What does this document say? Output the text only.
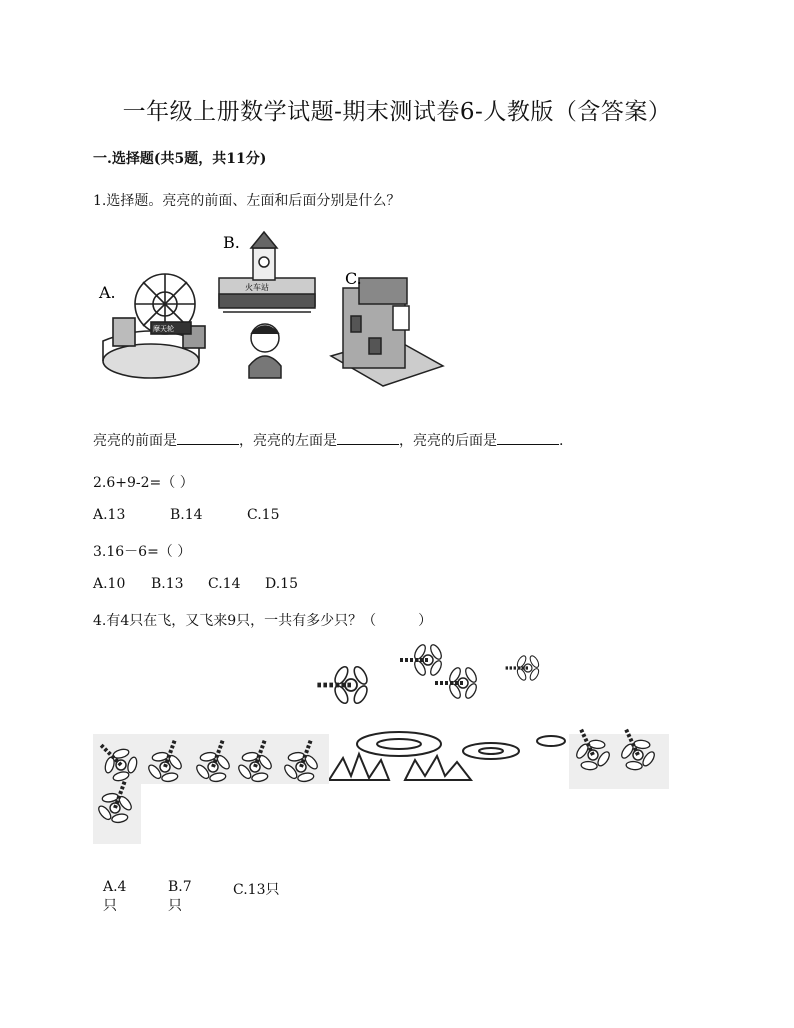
一年级上册数学试题-期末测试卷6-人教版（含答案）
一.选择题(共5题，共11分)
1.选择题。亮亮的前面、左面和后面分别是什么？
摩天轮
火车站
A.
B.
C.
亮亮的前面是	，亮亮的左面是	，亮亮的后面是	.
2.6+9-2=（ ）
A.13	B.14	C.15
3.16－6=（ ）
A.10 B.13 C.14 D.15
4.有4只在飞，又飞来9只，一共有多少只？（　　　）
A.4只
B.7只
C.13只
